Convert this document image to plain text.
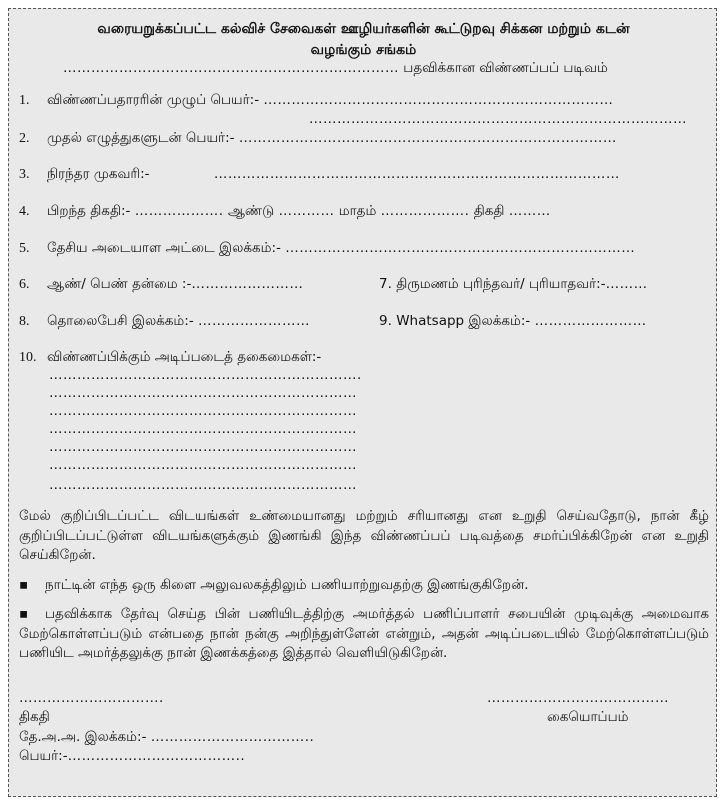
வரையறுக்கப்பட்ட கல்விச் சேவைகள் ஊழியர்களின் கூட்டுறவு சிக்கன மற்றும் கடன்
வழங்கும் சங்கம்
……………………………………………………………… பதவிக்கான விண்ணப்பப் படிவம்
1. விண்ணப்பதாரரின் முழுப் பெயர்:- …………………………………………………………………
………………………………………………………………………
2. முதல் எழுத்துகளுடன் பெயர்:- ………………………………………………………………………
3. நிரந்தர முகவரி:-	……………………………………………………………………………
4. பிறந்த திகதி:- ………………. ஆண்டு ………… மாதம் ………………. திகதி ………
5. தேசிய அடையாள அட்டை இலக்கம்:- …………………………………………………………………
6. ஆண்/ பெண் தன்மை :-……………………	7. திருமணம் புரிந்தவர்/ புரியாதவர்:-………
8. தொலைபேசி இலக்கம்:- ……………………	9. Whatsapp இலக்கம்:- ……………………
10. விண்ணப்பிக்கும் அடிப்படைத் தகைமைகள்:-
………………………………………………………….
…………………………………………………………
…………………………………………………………
…………………………………………………………
…………………………………………………………
…………………………………………………………
…………………………………………………………
மேல் குறிப்பிடப்பட்ட விடயங்கள் உண்மையானது மற்றும் சரியானது என உறுதி செய்வதோடு, நான் கீழ் குறிப்பிடப்பட்டுள்ள விடயங்களுக்கும் இணங்கி இந்த விண்ணப்பப் படிவத்தை சமர்ப்பிக்கிறேன் என உறுதி செய்கிறேன்.
▪ நாட்டின் எந்த ஒரு கிளை அலுவலகத்திலும் பணியாற்றுவதற்கு இணங்குகிறேன்.
▪ பதவிக்காக தேர்வு செய்த பின் பணியிடத்திற்கு அமர்த்தல் பணிப்பாளர் சபையின் முடிவுக்கு அமைவாக மேற்கொள்ளப்படும் என்பதை நான் நன்கு அறிந்துள்ளேன் என்றும், அதன் அடிப்படையில் மேற்கொள்ளப்படும் பணியிட அமர்த்தலுக்கு நான் இணக்கத்தை இத்தால் வெளியிடுகிறேன்.
………………………….	…………………………………
திகதி	கையொப்பம்
தே.அ.அ. இலக்கம்:- ……………………………..
பெயர்:-………………………………..
